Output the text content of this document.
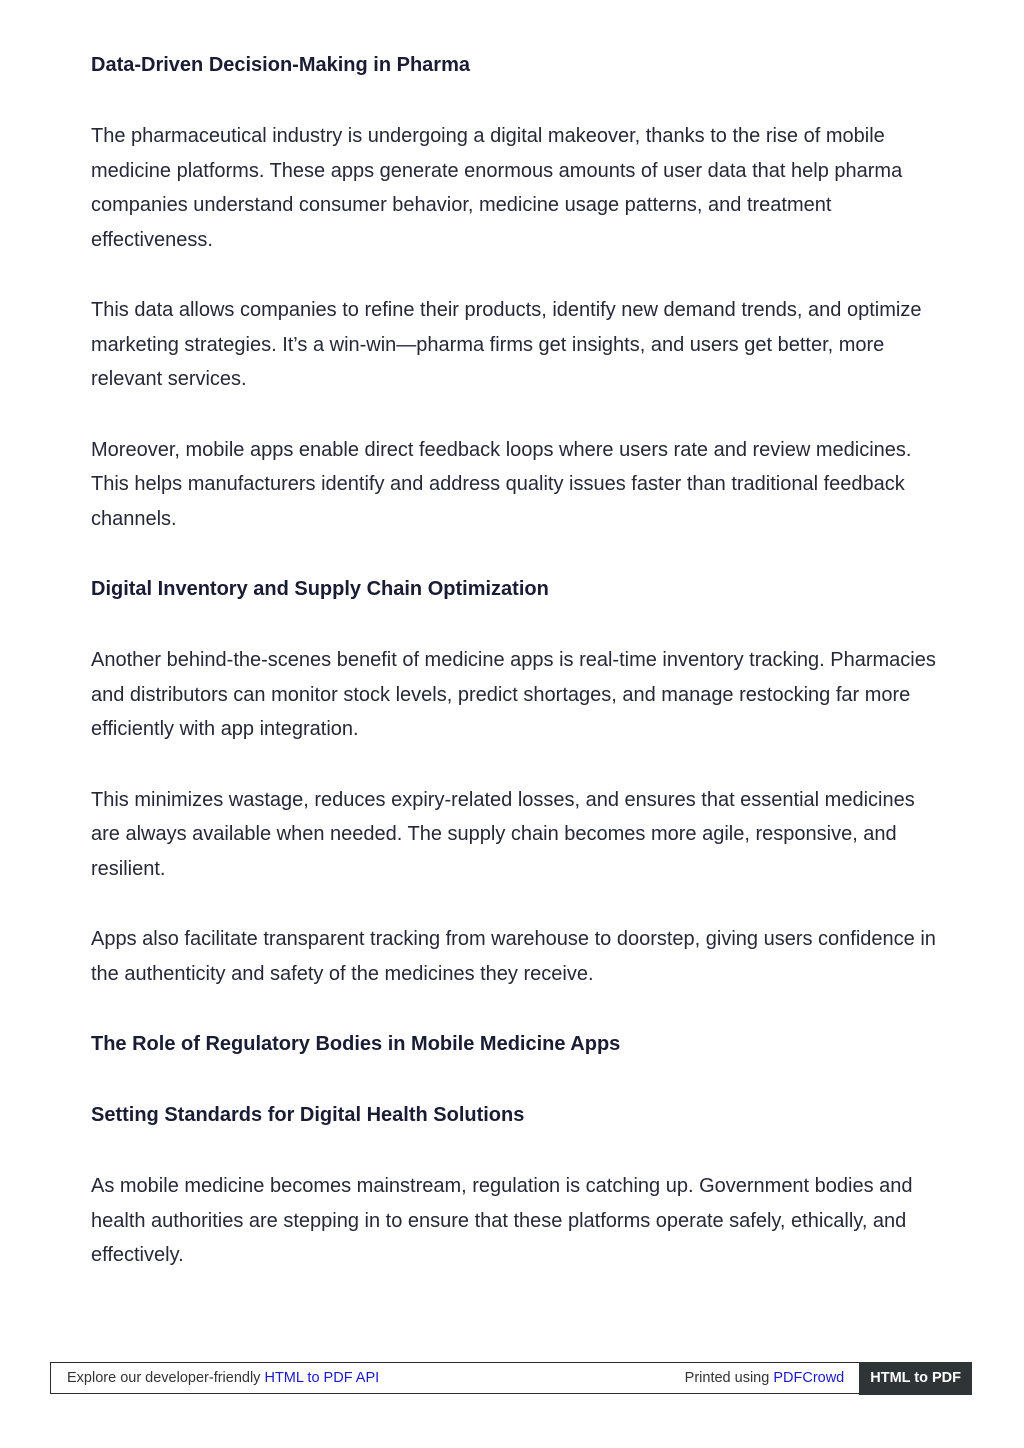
Data-Driven Decision-Making in Pharma

The pharmaceutical industry is undergoing a digital makeover, thanks to the rise of mobile medicine platforms. These apps generate enormous amounts of user data that help pharma companies understand consumer behavior, medicine usage patterns, and treatment effectiveness.

This data allows companies to refine their products, identify new demand trends, and optimize marketing strategies. It’s a win-win—pharma firms get insights, and users get better, more relevant services.

Moreover, mobile apps enable direct feedback loops where users rate and review medicines. This helps manufacturers identify and address quality issues faster than traditional feedback channels.

Digital Inventory and Supply Chain Optimization

Another behind-the-scenes benefit of medicine apps is real-time inventory tracking. Pharmacies and distributors can monitor stock levels, predict shortages, and manage restocking far more efficiently with app integration.

This minimizes wastage, reduces expiry-related losses, and ensures that essential medicines are always available when needed. The supply chain becomes more agile, responsive, and resilient.

Apps also facilitate transparent tracking from warehouse to doorstep, giving users confidence in the authenticity and safety of the medicines they receive.

The Role of Regulatory Bodies in Mobile Medicine Apps
Setting Standards for Digital Health Solutions

As mobile medicine becomes mainstream, regulation is catching up. Government bodies and health authorities are stepping in to ensure that these platforms operate safely, ethically, and effectively.

Explore our developer-friendly HTML to PDF API	Printed using PDFCrowd	HTML to PDF
